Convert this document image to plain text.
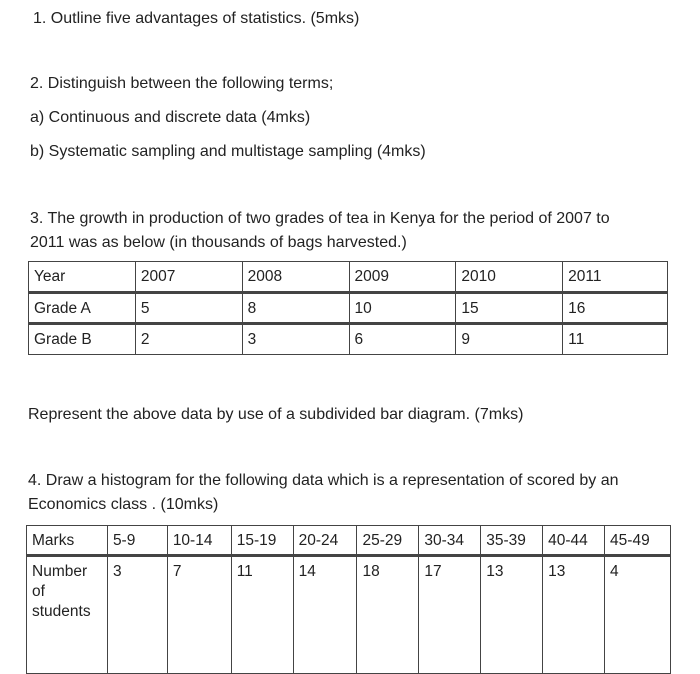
1. Outline five advantages of statistics. (5mks)
2. Distinguish between the following terms;
a) Continuous and discrete data (4mks)
b) Systematic sampling and multistage sampling (4mks)
3. The growth in production of two grades of tea in Kenya for the period of 2007 to
2011 was as below (in thousands of bags harvested.)
Year	2007	2008	2009	2010	2011
Grade A	5	8	10	15	16
Grade B	2	3	6	9	11
Represent the above data by use of a subdivided bar diagram. (7mks)
4. Draw a histogram for the following data which is a representation of scored by an
Economics class . (10mks)
Marks	5-9	10-14	15-19	20-24	25-29	30-34	35-39	40-44	45-49

Number
of
students	3	7	11	14	18	17	13	13	4
